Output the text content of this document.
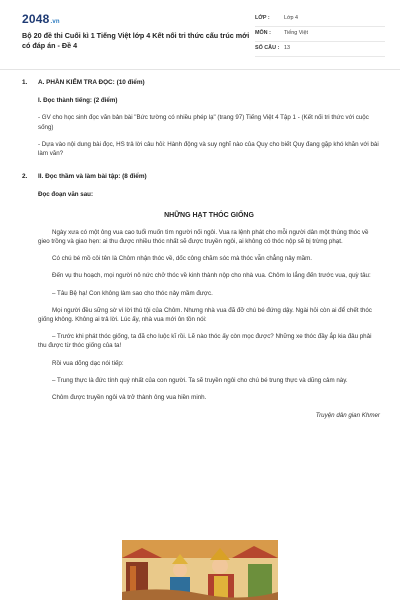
2048.vn
Bộ 20 đề thi Cuối kì 1 Tiếng Việt lớp 4 Kết nối tri thức cấu trúc mới có đáp án - Đề 4
LỚP :	Lớp 4
MÔN : Tiếng Việt
SỐ CÂU : 13
1. A. PHẦN KIỂM TRA ĐỌC: (10 điểm)
I. Đọc thành tiếng: (2 điểm)
- GV cho học sinh đọc văn bản bài "Bức tường có nhiều phép lạ" (trang 97) Tiếng Việt 4 Tập 1 - (Kết nối tri thức với cuộc sống)
- Dựa vào nội dung bài đọc, HS trả lời câu hỏi: Hành động và suy nghĩ nào của Quy cho biết Quy đang gặp khó khăn với bài làm văn?
2. II. Đọc thầm và làm bài tập: (8 điểm)
Đọc đoạn văn sau:
NHỮNG HẠT THÓC GIỐNG
Ngày xưa có một ông vua cao tuổi muốn tìm người nối ngôi. Vua ra lệnh phát cho mỗi người dân một thúng thóc về gieo trồng và giao hẹn: ai thu được nhiều thóc nhất sẽ được truyền ngôi, ai không có thóc nộp sẽ bị trừng phạt.
Có chú bé mồ côi tên là Chôm nhận thóc về, dốc công chăm sóc mà thóc vẫn chẳng nảy mầm.
Đến vụ thu hoạch, mọi người nô nức chở thóc về kinh thành nộp cho nhà vua. Chôm lo lắng đến trước vua, quỳ tâu:
– Tâu Bệ hạ! Con không làm sao cho thóc nảy mầm được.
Mọi người đều sững sờ vì lời thú tội của Chôm. Nhưng nhà vua đã đỡ chú bé đứng dậy. Ngài hỏi còn ai để chết thóc giống không. Không ai trả lời. Lúc ấy, nhà vua mới ôn tồn nói:
– Trước khi phát thóc giống, ta đã cho luộc kĩ rồi. Lẽ nào thóc ấy còn mọc được? Những xe thóc đầy ắp kia đâu phải thu được từ thóc giống của ta!
Rồi vua dõng dạc nói tiếp:
– Trung thực là đức tính quý nhất của con người. Ta sẽ truyền ngôi cho chú bé trung thực và dũng cảm này.
Chôm được truyền ngôi và trở thành ông vua hiền minh.
Truyện dân gian Khmer
